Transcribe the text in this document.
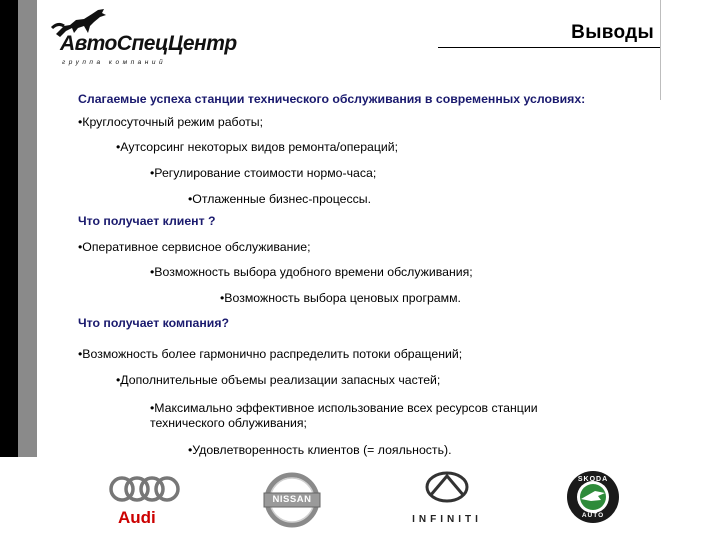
АвтоСпецЦентр
группа компаний
Выводы
Слагаемые успеха станции технического обслуживания в современных условиях:
•Круглосуточный режим работы;
•Аутсорсинг некоторых видов ремонта/операций;
•Регулирование стоимости нормо-часа;
•Отлаженные бизнес-процессы.
Что получает клиент ?
•Оперативное сервисное обслуживание;
•Возможность выбора удобного времени обслуживания;
•Возможность выбора ценовых программ.
Что получает компания?
•Возможность более гармонично распределить потоки обращений;
•Дополнительные объемы реализации запасных частей;
•Максимально эффективное использование всех ресурсов станции технического облуживания;
•Удовлетворенность клиентов (= лояльность).
Audi
NISSAN
INFINITI
SKODA
AUTO
